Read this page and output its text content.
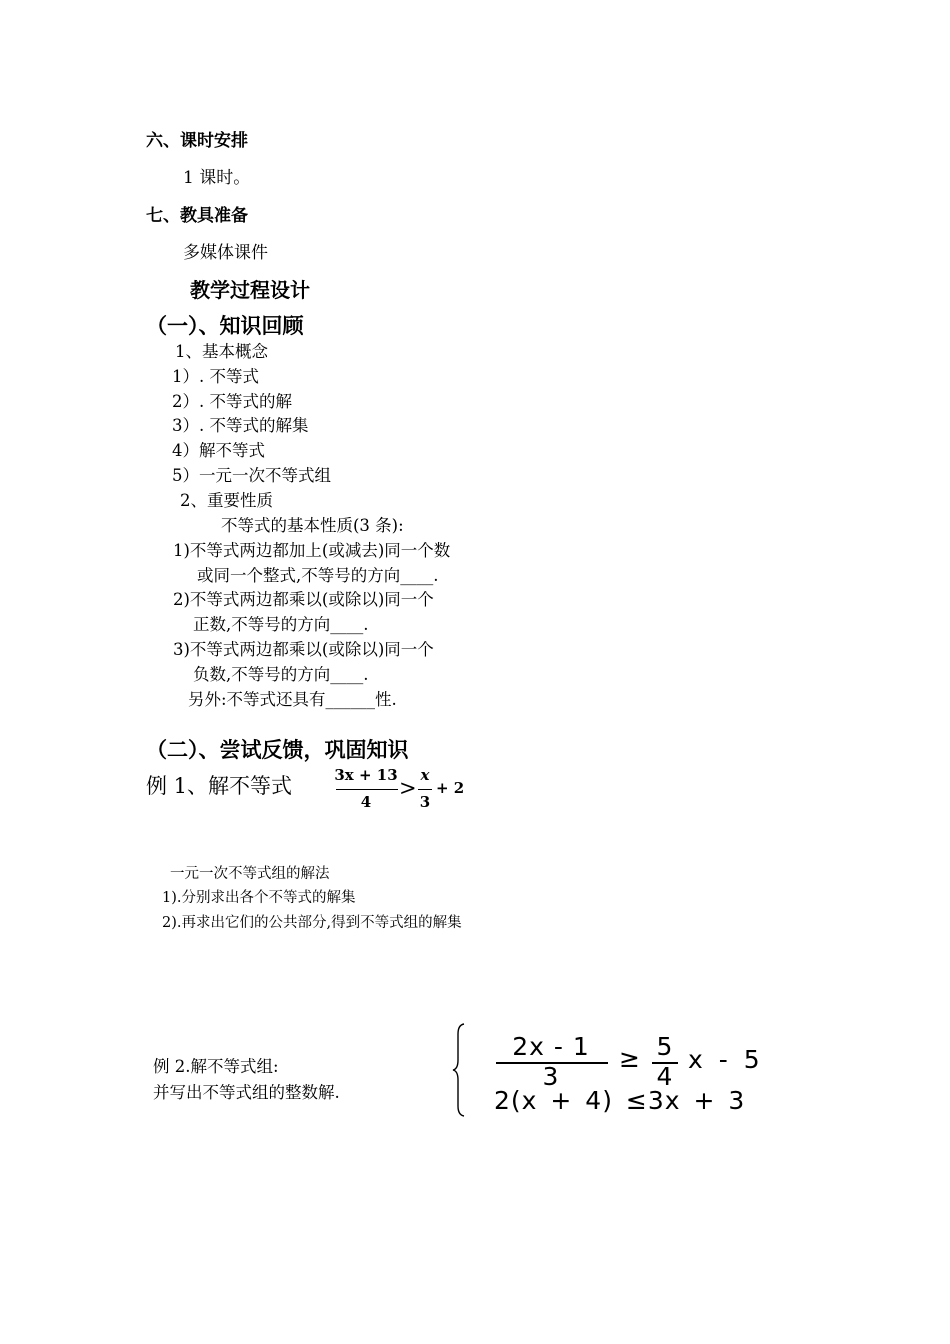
六、课时安排
1 课时。
七、教具准备
多媒体课件
教学过程设计
（一）、知识回顾
1、基本概念
1）. 不等式
2）. 不等式的解
3）. 不等式的解集
4）解不等式
5）一元一次不等式组
2、重要性质
不等式的基本性质(3 条):
1)不等式两边都加上(或减去)同一个数
或同一个整式,不等号的方向____.
2)不等式两边都乘以(或除以)同一个
正数,不等号的方向____.
3)不等式两边都乘以(或除以)同一个
负数,不等号的方向____.
另外:不等式还具有______性.
（二）、尝试反馈，巩固知识
例 1、解不等式	3x + 13
4
>
x
3
+ 2
一元一次不等式组的解法
1).分别求出各个不等式的解集
2).再求出它们的公共部分,得到不等式组的解集
例 2.解不等式组:
并写出不等式组的整数解.
2x - 1
3
≥ 5
4
x - 5
2(x + 4) ≤3x + 3
